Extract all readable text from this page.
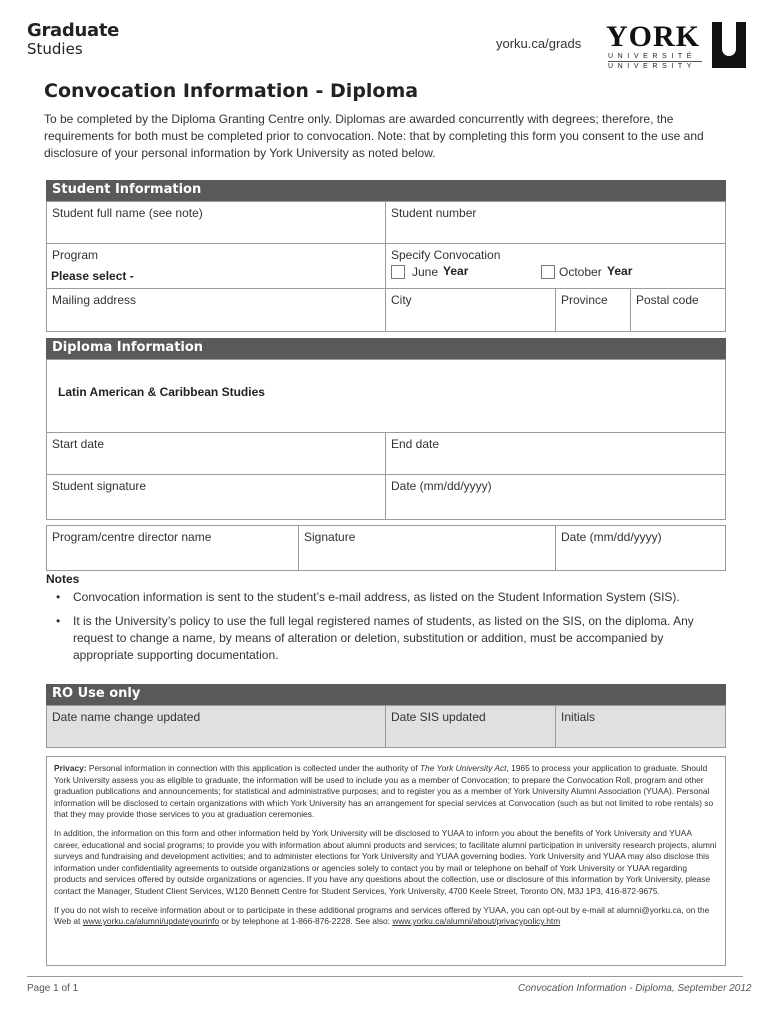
Graduate
Studies	yorku.ca/grads YORK
UNIVERSITÉ
UNIVERSITY
Convocation Information - Diploma
To be completed by the Diploma Granting Centre only. Diplomas are awarded concurrently with degrees; therefore, the requirements for both must be completed prior to convocation. Note: that by completing this form you consent to the use and disclosure of your personal information by York University as noted below.
Student Information
Student full name (see note)	Student number
Program
Please select -
Specify Convocation
June Year	October Year
Mailing address	City	Province	Postal code
Diploma Information
Latin American & Caribbean Studies
Start date	End date
Student signature	Date (mm/dd/yyyy)
Program/centre director name	Signature	Date (mm/dd/yyyy)
Notes
• Convocation information is sent to the student’s e-mail address, as listed on the Student Information System (SIS).
• It is the University’s policy to use the full legal registered names of students, as listed on the SIS, on the diploma. Any request to change a name, by means of alteration or deletion, substitution or addition, must be accompanied by appropriate supporting documentation.
RO Use only
Date name change updated	Date SIS updated	Initials

Privacy: Personal information in connection with this application is collected under the authority of The York University Act, 1965 to process your application to graduate. Should York University assess you as eligible to graduate, the information will be used to include you as a member of Convocation; to prepare the Convocation Roll, program and other graduation publications and announcements; for statistical and administrative purposes; and to register you as a member of York University Alumni Association (YUAA). Personal information will be disclosed to certain organizations with which York University has an arrangement for special services at Convocation (such as but not limited to robe rentals) so that they may provide those services to you at graduation ceremonies.

In addition, the information on this form and other information held by York University will be disclosed to YUAA to inform you about the benefits of York University and YUAA career, educational and social programs; to provide you with information about alumni products and services; to facilitate alumni participation in university research projects, alumni surveys and fundraising and development activities; and to administer elections for York University and YUAA governing bodies. York University and YUAA may also disclose this information under confidentiality agreements to outside organizations or agencies solely to contact you by mail or telephone on behalf of York University or YUAA regarding products and services offered by outside organizations or agencies. If you have any questions about the collection, use or disclosure of this information by York University, please contact the Manager, Student Client Services, W120 Bennett Centre for Student Services, York University, 4700 Keele Street, Toronto ON, M3J 1P3, 416-872-9675.

If you do not wish to receive information about or to participate in these additional programs and services offered by YUAA, you can opt-out by e-mail at alumni@yorku.ca, on the Web at www.yorku.ca/alumni/updateyourinfo or by telephone at 1-866-876-2228. See also: www.yorku.ca/alumni/about/privacypolicy.htm

Page 1 of 1	Convocation Information - Diploma, September 2012
